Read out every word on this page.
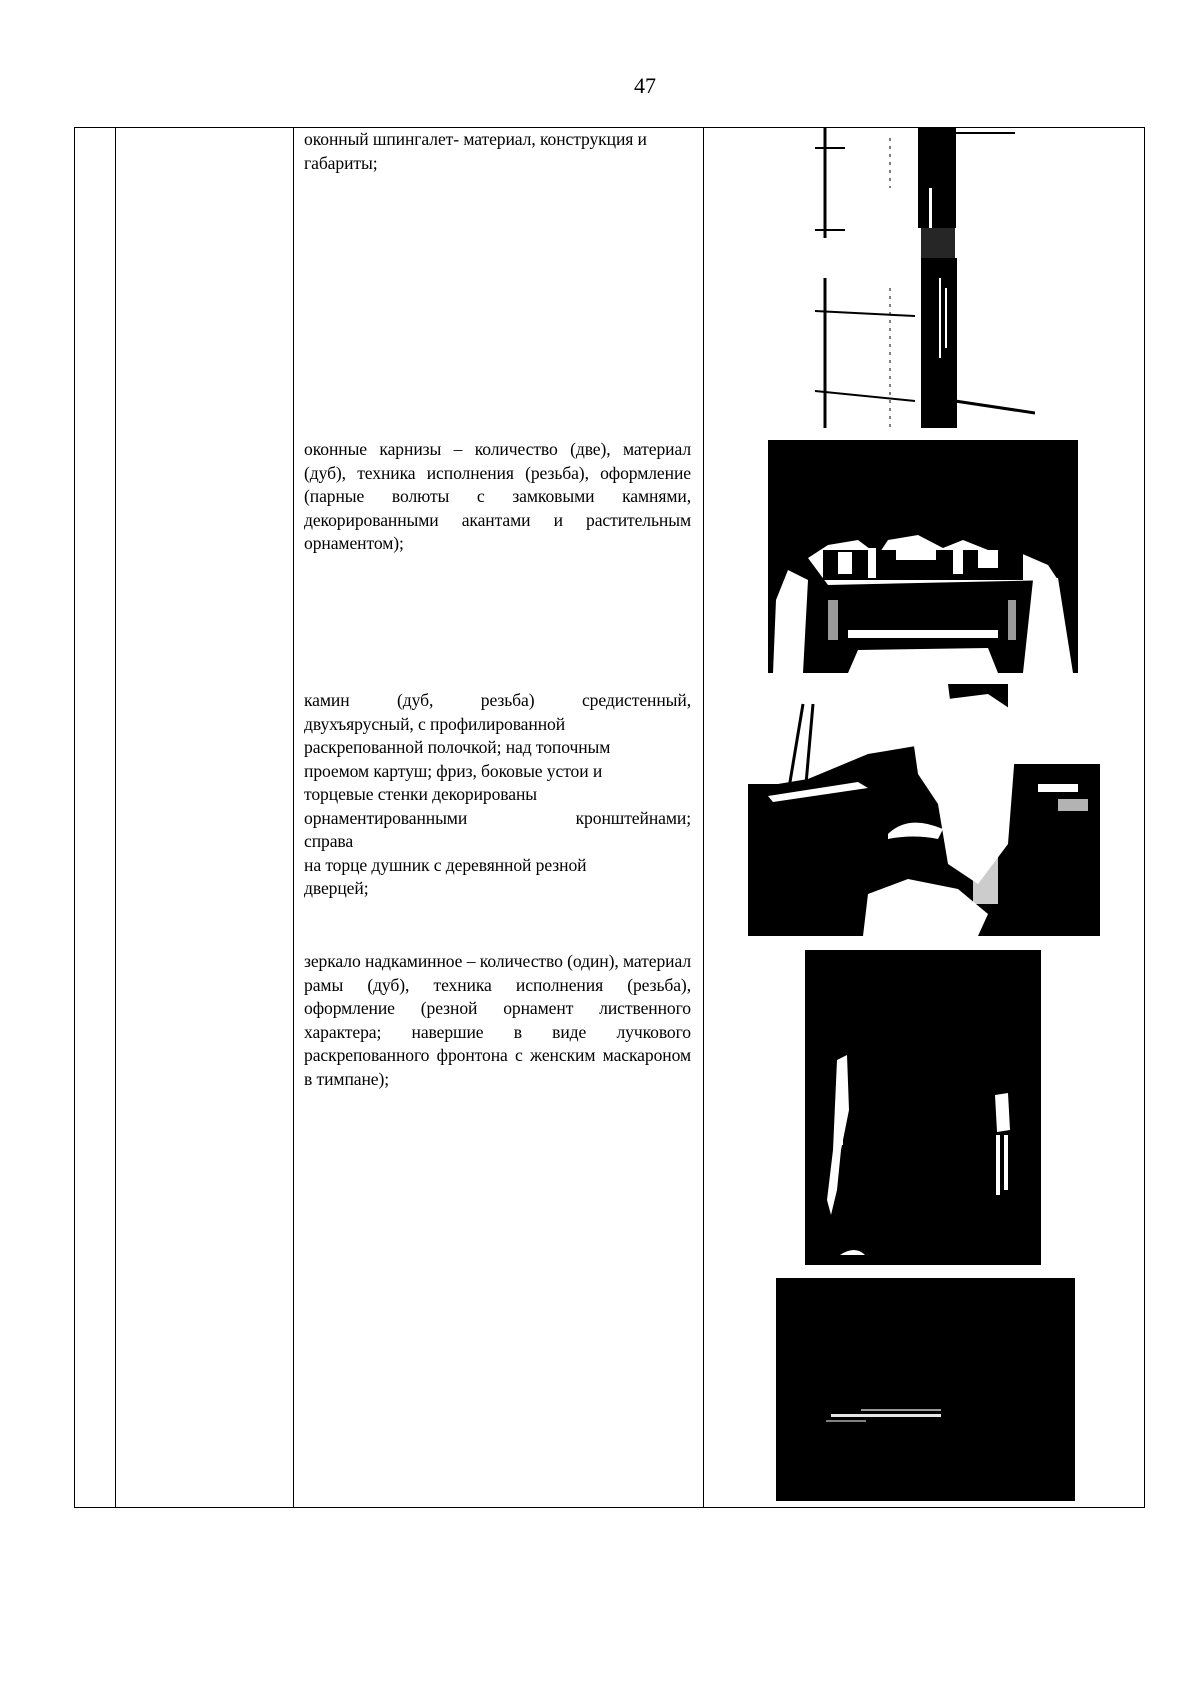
47
оконный шпингалет- материал, конструкция и габариты;
оконные карнизы – количество (две), материал (дуб), техника исполнения (резьба), оформление (парные волюты с замковыми камнями, декорированными акантами и растительным орнаментом);
камин (дуб, резьба) средистенный,
двухъярусный, с профилированной
раскрепованной полочкой; над топочным
проемом картуш; фриз, боковые устои и
торцевые стенки декорированы
орнаментированными кронштейнами;
справа
на торце душник с деревянной резной
дверцей;
зеркало надкаминное – количество (один), материал рамы (дуб), техника исполнения (резьба), оформление (резной орнамент лиственного характера; навершие в виде лучкового раскрепованного фронтона с женским маскароном в тимпане);
